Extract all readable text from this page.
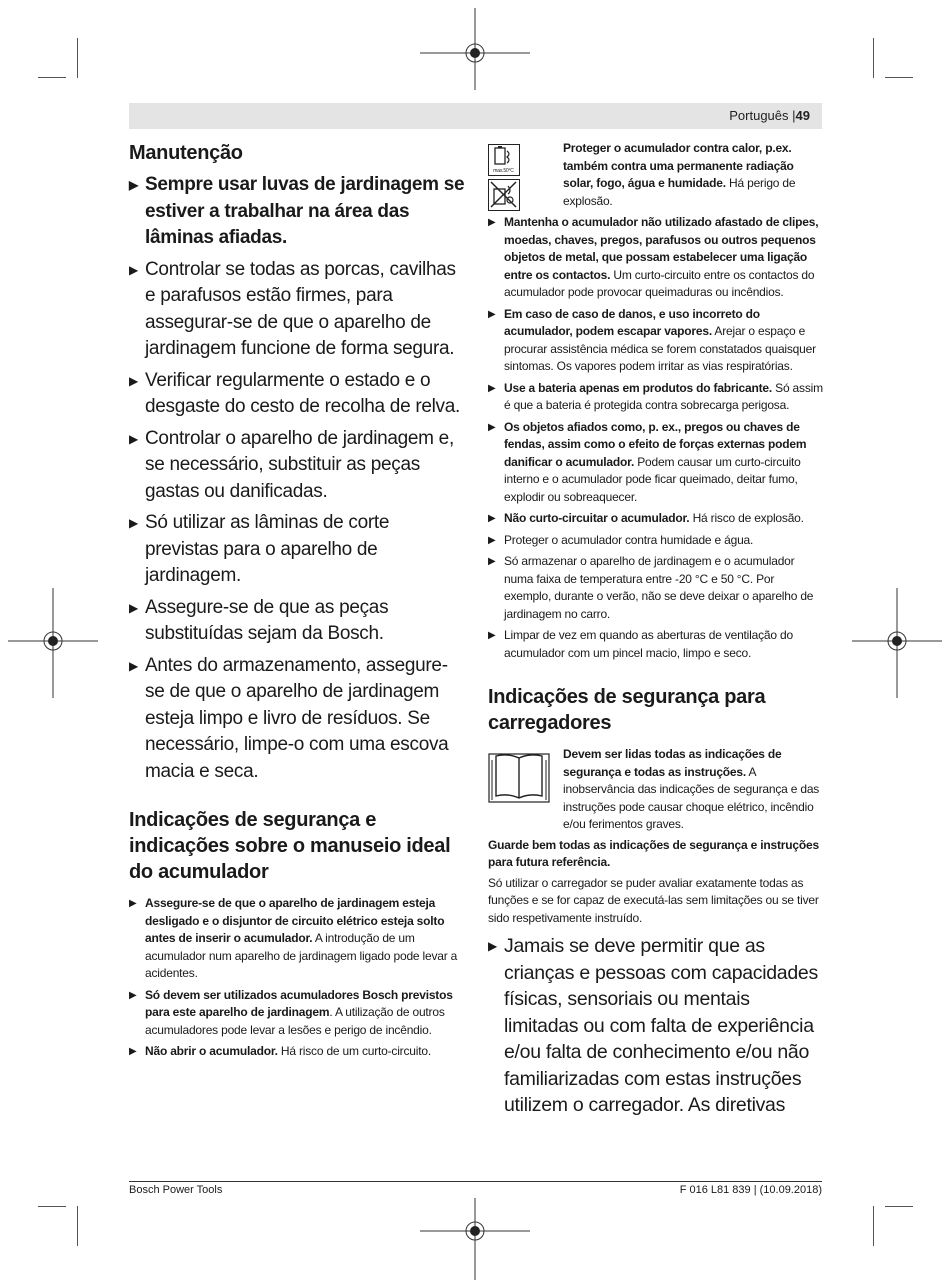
Português |49
Manutenção
▶ Sempre usar luvas de jardinagem se estiver a trabalhar na área das lâminas afiadas.
▶ Controlar se todas as porcas, cavilhas e parafusos estão firmes, para assegurar-se de que o aparelho de jardinagem funcione de forma segura.
▶ Verificar regularmente o estado e o desgaste do cesto de recolha de relva.
▶ Controlar o aparelho de jardinagem e, se necessário, substituir as peças gastas ou danificadas.
▶ Só utilizar as lâminas de corte previstas para o aparelho de jardinagem.
▶ Assegure-se de que as peças substituídas sejam da Bosch.
▶ Antes do armazenamento, assegure-se de que o aparelho de jardinagem esteja limpo e livro de resíduos. Se necessário, limpe-o com uma escova macia e seca.
Indicações de segurança e indicações sobre o manuseio ideal do acumulador
▶ Assegure-se de que o aparelho de jardinagem esteja desligado e o disjuntor de circuito elétrico esteja solto antes de inserir o acumulador. A introdução de um acumulador num aparelho de jardinagem ligado pode levar a acidentes.
▶ Só devem ser utilizados acumuladores Bosch previstos para este aparelho de jardinagem. A utilização de outros acumuladores pode levar a lesões e perigo de incêndio.
▶ Não abrir o acumulador. Há risco de um curto-circuito.
max.50°C
Proteger o acumulador contra calor, p.ex. também contra uma permanente radiação solar, fogo, água e humidade. Há perigo de explosão.
▶ Mantenha o acumulador não utilizado afastado de clipes, moedas, chaves, pregos, parafusos ou outros pequenos objetos de metal, que possam estabelecer uma ligação entre os contactos. Um curto-circuito entre os contactos do acumulador pode provocar queimaduras ou incêndios.
▶ Em caso de caso de danos, e uso incorreto do acumulador, podem escapar vapores. Arejar o espaço e procurar assistência médica se forem constatados quaisquer sintomas. Os vapores podem irritar as vias respiratórias.
▶ Use a bateria apenas em produtos do fabricante. Só assim é que a bateria é protegida contra sobrecarga perigosa.
▶ Os objetos afiados como, p. ex., pregos ou chaves de fendas, assim como o efeito de forças externas podem danificar o acumulador. Podem causar um curto-circuito interno e o acumulador pode ficar queimado, deitar fumo, explodir ou sobreaquecer.
▶ Não curto-circuitar o acumulador. Há risco de explosão.
▶ Proteger o acumulador contra humidade e água.
▶ Só armazenar o aparelho de jardinagem e o acumulador numa faixa de temperatura entre -20 °C e 50 °C. Por exemplo, durante o verão, não se deve deixar o aparelho de jardinagem no carro.
▶ Limpar de vez em quando as aberturas de ventilação do acumulador com um pincel macio, limpo e seco.
Indicações de segurança para carregadores
Devem ser lidas todas as indicações de segurança e todas as instruções. A inobservância das indicações de segurança e das instruções pode causar choque elétrico, incêndio e/ou ferimentos graves.
Guarde bem todas as indicações de segurança e instruções para futura referência.
Só utilizar o carregador se puder avaliar exatamente todas as funções e se for capaz de executá-las sem limitações ou se tiver sido respetivamente instruído.
▶ Jamais se deve permitir que as crianças e pessoas com capacidades físicas, sensoriais ou mentais limitadas ou com falta de experiência e/ou falta de conhecimento e/ou não familiarizadas com estas instruções utilizem o carregador. As diretivas
Bosch Power Tools	F 016 L81 839 | (10.09.2018)
